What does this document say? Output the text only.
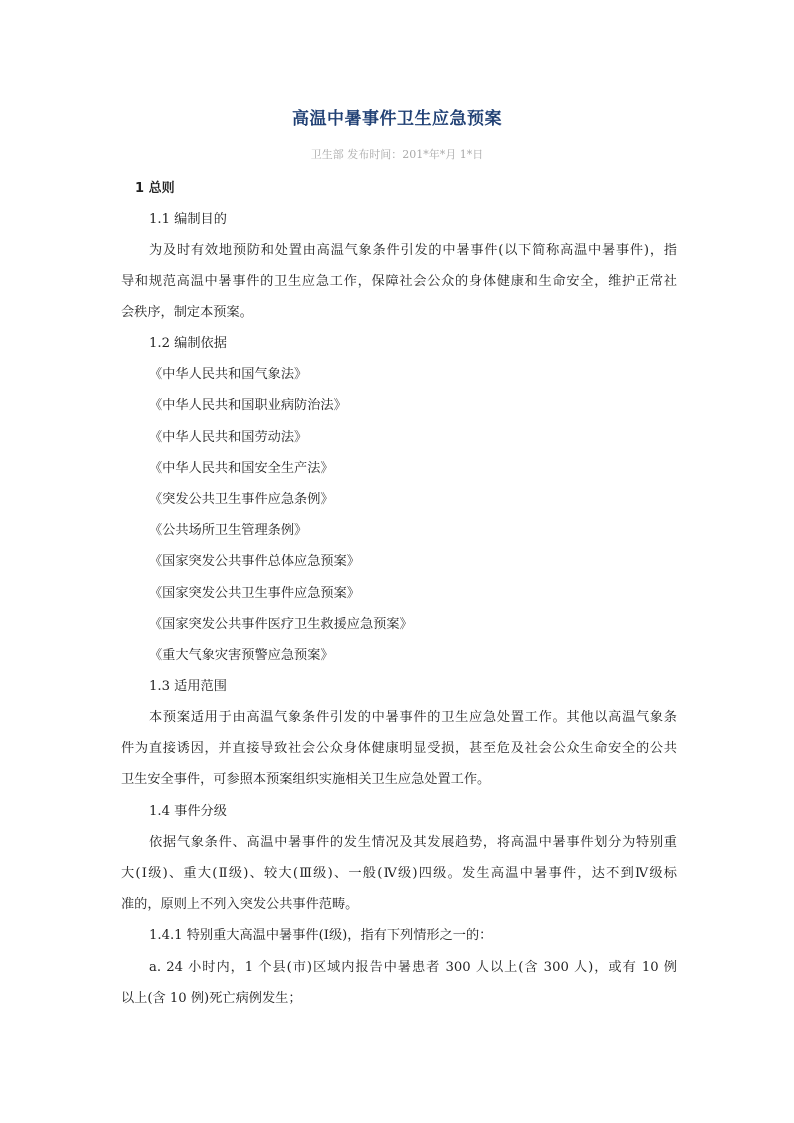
高温中暑事件卫生应急预案
卫生部 发布时间：201*年*月 1*日
1 总则
1.1 编制目的
为及时有效地预防和处置由高温气象条件引发的中暑事件(以下简称高温中暑事件)，指
导和规范高温中暑事件的卫生应急工作，保障社会公众的身体健康和生命安全，维护正常社
会秩序，制定本预案。
1.2 编制依据
《中华人民共和国气象法》
《中华人民共和国职业病防治法》
《中华人民共和国劳动法》
《中华人民共和国安全生产法》
《突发公共卫生事件应急条例》
《公共场所卫生管理条例》
《国家突发公共事件总体应急预案》
《国家突发公共卫生事件应急预案》
《国家突发公共事件医疗卫生救援应急预案》
《重大气象灾害预警应急预案》
1.3 适用范围
本预案适用于由高温气象条件引发的中暑事件的卫生应急处置工作。其他以高温气象条
件为直接诱因，并直接导致社会公众身体健康明显受损，甚至危及社会公众生命安全的公共
卫生安全事件，可参照本预案组织实施相关卫生应急处置工作。
1.4 事件分级
依据气象条件、高温中暑事件的发生情况及其发展趋势，将高温中暑事件划分为特别重
大(Ⅰ级)、重大(Ⅱ级)、较大(Ⅲ级)、一般(Ⅳ级)四级。发生高温中暑事件，达不到Ⅳ级标
准的，原则上不列入突发公共事件范畴。
1.4.1 特别重大高温中暑事件(Ⅰ级)，指有下列情形之一的：
a. 24 小时内，1 个县(市)区域内报告中暑患者 300 人以上(含 300 人)，或有 10 例
以上(含 10 例)死亡病例发生；
